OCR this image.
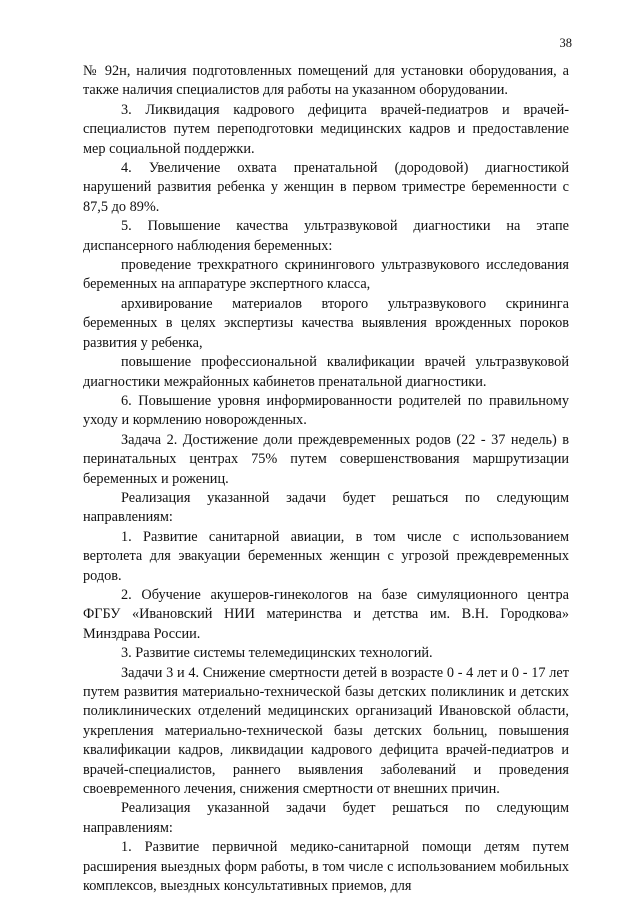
38

№ 92н, наличия подготовленных помещений для установки оборудования, а также наличия специалистов для работы на указанном оборудовании.

3. Ликвидация кадрового дефицита врачей-педиатров и врачей-специалистов путем переподготовки медицинских кадров и предоставление мер социальной поддержки.

4. Увеличение охвата пренатальной (дородовой) диагностикой нарушений развития ребенка у женщин в первом триместре беременности с 87,5 до 89%.

5. Повышение качества ультразвуковой диагностики на этапе диспансерного наблюдения беременных:

проведение трехкратного скринингового ультразвукового исследования беременных на аппаратуре экспертного класса,

архивирование материалов второго ультразвукового скрининга беременных в целях экспертизы качества выявления врожденных пороков развития у ребенка,

повышение профессиональной квалификации врачей ультразвуковой диагностики межрайонных кабинетов пренатальной диагностики.

6. Повышение уровня информированности родителей по правильному уходу и кормлению новорожденных.

Задача 2. Достижение доли преждевременных родов (22 - 37 недель) в перинатальных центрах 75% путем совершенствования маршрутизации беременных и рожениц.

Реализация указанной задачи будет решаться по следующим направлениям:

1. Развитие санитарной авиации, в том числе с использованием вертолета для эвакуации беременных женщин с угрозой преждевременных родов.

2. Обучение акушеров-гинекологов на базе симуляционного центра ФГБУ «Ивановский НИИ материнства и детства им. В.Н. Городкова» Минздрава России.

3. Развитие системы телемедицинских технологий.

Задачи 3 и 4. Снижение смертности детей в возрасте 0 - 4 лет и 0 - 17 лет путем развития материально-технической базы детских поликлиник и детских поликлинических отделений медицинских организаций Ивановской области, укрепления материально-технической базы детских больниц, повышения квалификации кадров, ликвидации кадрового дефицита врачей-педиатров и врачей-специалистов, раннего выявления заболеваний и проведения своевременного лечения, снижения смертности от внешних причин.

Реализация указанной задачи будет решаться по следующим направлениям:

1. Развитие первичной медико-санитарной помощи детям путем расширения выездных форм работы, в том числе с использованием мобильных комплексов, выездных консультативных приемов, для
